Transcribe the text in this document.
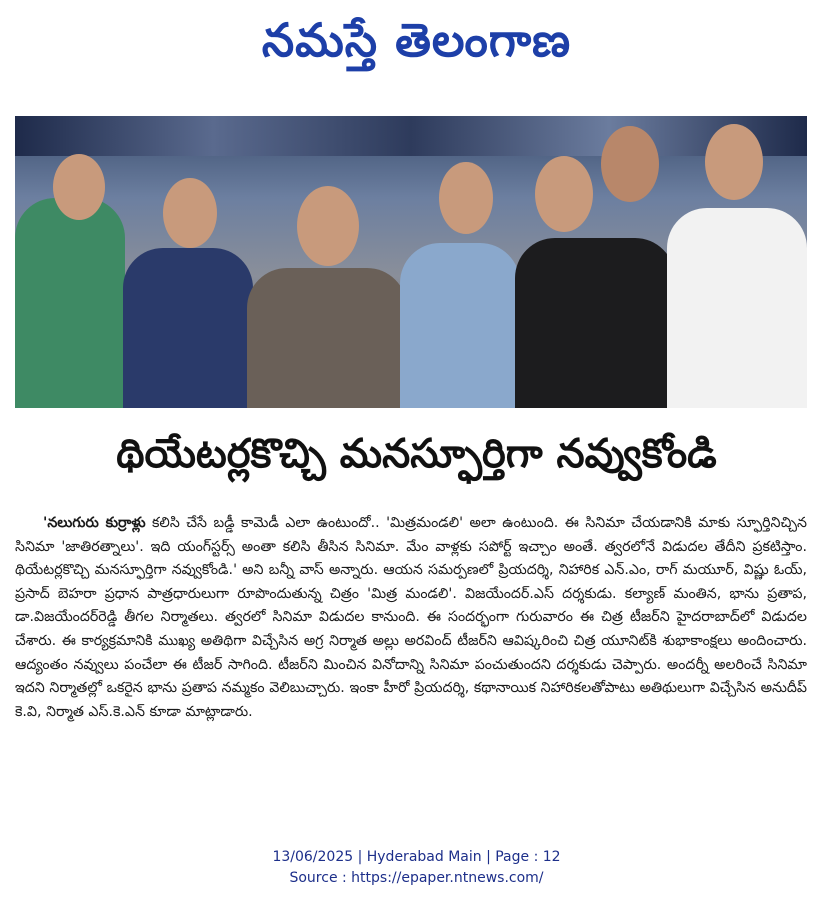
నమస్తే తెలంగాణ
థియేటర్లకొచ్చి మనస్ఫూర్తిగా నవ్వుకోండి
'నలుగురు కుర్రాళ్లు కలిసి చేసే బడ్డీ కామెడీ ఎలా ఉంటుందో.. 'మిత్రమండలి' అలా ఉంటుంది. ఈ సినిమా చేయడానికి మాకు స్ఫూర్తినిచ్చిన సినిమా 'జాతిరత్నాలు'. ఇది యంగ్‌స్టర్స్ అంతా కలిసి తీసిన సినిమా. మేం వాళ్లకు సపోర్ట్ ఇచ్చాం అంతే. త్వరలోనే విడుదల తేదీని ప్రకటిస్తాం. థియేటర్లకొచ్చి మనస్ఫూర్తిగా నవ్వుకోండి.' అని బన్నీ వాస్ అన్నారు. ఆయన సమర్పణలో ప్రియదర్శి, నిహారిక ఎన్.ఎం, రాగ్ మయూర్, విష్ణు ఓయ్, ప్రసాద్ బెహరా ప్రధాన పాత్రధారులుగా రూపొందుతున్న చిత్రం 'మిత్ర మండలి'. విజయేందర్.ఎస్ దర్శకుడు. కల్యాణ్ మంతిన, భాను ప్రతాప, డా.విజయేందర్‌రెడ్డి తీగల నిర్మాతలు. త్వరలో సినిమా విడుదల కానుంది. ఈ సందర్భంగా గురువారం ఈ చిత్ర టీజర్‌ని హైదరాబాద్‌లో విడుదల చేశారు. ఈ కార్యక్రమానికి ముఖ్య అతిథిగా విచ్చేసిన అగ్ర నిర్మాత అల్లు అరవింద్ టీజర్‌ని ఆవిష్కరించి చిత్ర యూనిట్‌కి శుభాకాంక్షలు అందించారు. ఆద్యంతం నవ్వులు పంచేలా ఈ టీజర్ సాగింది. టీజర్‌ని మించిన వినోదాన్ని సినిమా పంచుతుందని దర్శకుడు చెప్పారు. అందర్నీ అలరించే సినిమా ఇదని నిర్మాతల్లో ఒకరైన భాను ప్రతాప నమ్మకం వెలిబుచ్చారు. ఇంకా హీరో ప్రియదర్శి, కథానాయిక నిహారికలతోపాటు అతిథులుగా విచ్చేసిన అనుదీప్ కె.వి, నిర్మాత ఎస్.కె.ఎన్ కూడా మాట్లాడారు.
13/06/2025 | Hyderabad Main | Page : 12
Source : https://epaper.ntnews.com/
